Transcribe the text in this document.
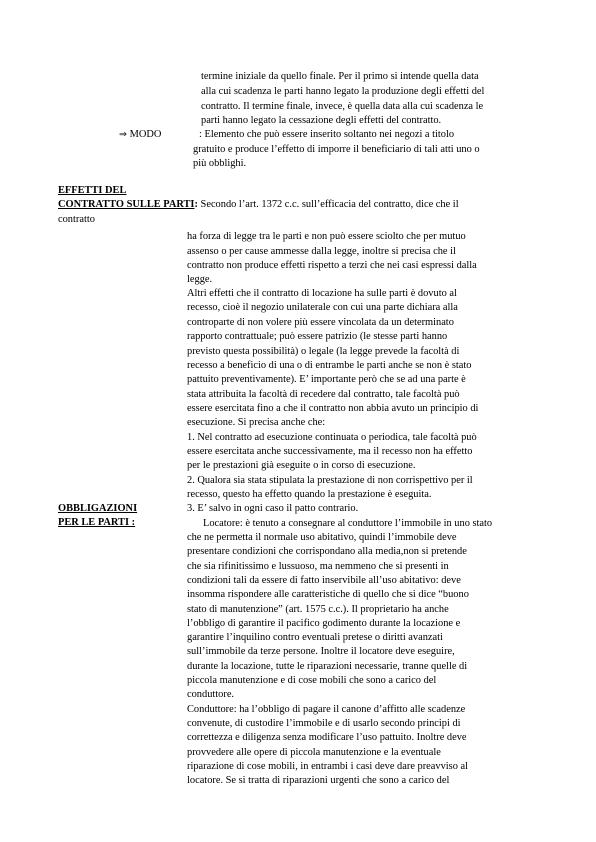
termine iniziale da quello finale. Per il primo si intende quella data
alla cui scadenza le parti hanno legato la produzione degli effetti del
contratto. Il termine finale, invece, è quella data alla cui scadenza le
parti hanno legato la cessazione degli effetti del contratto.
⇒ MODO	: Elemento che può essere inserito soltanto nei negozi a titolo
gratuito e produce l’effetto di imporre il beneficiario di tali atti uno o
più obblighi.
EFFETTI DEL
CONTRATTO SULLE PARTI: Secondo l’art. 1372 c.c. sull’efficacia del contratto, dice che il
contratto
ha forza di legge tra le parti e non può essere sciolto che per mutuo
assenso o per cause ammesse dalla legge, inoltre si precisa che il
contratto non produce effetti rispetto a terzi che nei casi espressi dalla
legge.
Altri effetti che il contratto di locazione ha sulle parti è dovuto al
recesso, cioè il negozio unilaterale con cui una parte dichiara alla
controparte di non volere più essere vincolata da un determinato
rapporto contrattuale; può essere patrizio (le stesse parti hanno
previsto questa possibilità) o legale (la legge prevede la facoltà di
recesso a beneficio di una o di entrambe le parti anche se non è stato
pattuito preventivamente). E’ importante però che se ad una parte è
stata attribuita la facoltà di recedere dal contratto, tale facoltà può
essere esercitata fino a che il contratto non abbia avuto un principio di
esecuzione. Si precisa anche che:
1. Nel contratto ad esecuzione continuata o periodica, tale facoltà può
essere esercitata anche successivamente, ma il recesso non ha effetto
per le prestazioni già eseguite o in corso di esecuzione.
2. Qualora sia stata stipulata la prestazione di non corrispettivo per il
recesso, questo ha effetto quando la prestazione è eseguita.
3. E’ salvo in ogni caso il patto contrario.
OBBLIGAZIONI
PER LE PARTI :	Locatore: è tenuto a consegnare al conduttore l’immobile in uno stato
che ne permetta il normale uso abitativo, quindi l’immobile deve
presentare condizioni che corrispondano alla media,non si pretende
che sia rifinitissimo e lussuoso, ma nemmeno che si presenti in
condizioni tali da essere di fatto inservibile all’uso abitativo: deve
insomma rispondere alle caratteristiche di quello che si dice “buono
stato di manutenzione” (art. 1575 c.c.). Il proprietario ha anche
l’obbligo di garantire il pacifico godimento durante la locazione e
garantire l’inquilino contro eventuali pretese o diritti avanzati
sull’immobile da terze persone. Inoltre il locatore deve eseguire,
durante la locazione, tutte le riparazioni necessarie, tranne quelle di
piccola manutenzione e di cose mobili che sono a carico del
conduttore.
Conduttore: ha l’obbligo di pagare il canone d’affitto alle scadenze
convenute, di custodire l’immobile e di usarlo secondo principi di
correttezza e diligenza senza modificare l’uso pattuito. Inoltre deve
provvedere alle opere di piccola manutenzione e la eventuale
riparazione di cose mobili, in entrambi i casi deve dare preavviso al
locatore. Se si tratta di riparazioni urgenti che sono a carico del
